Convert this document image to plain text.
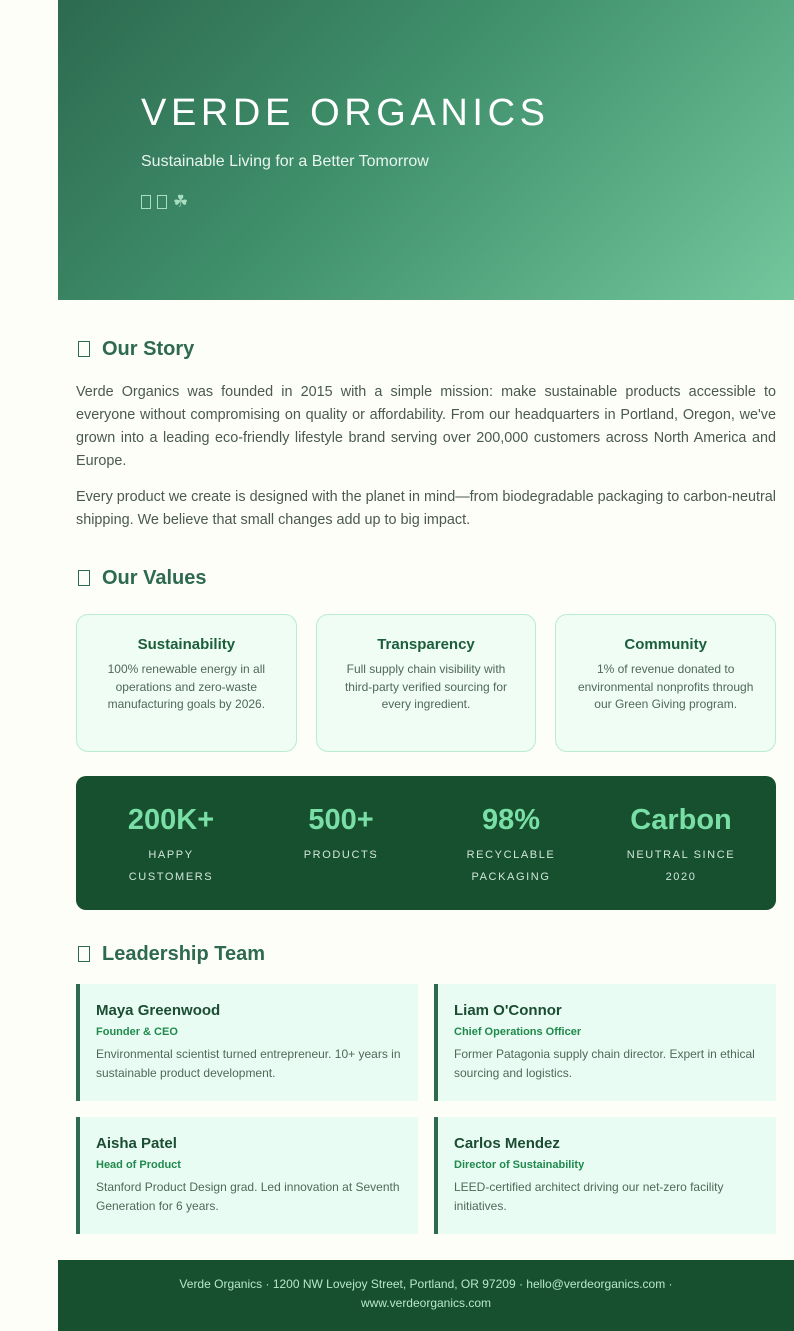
VERDE ORGANICS

Sustainable Living for a Better Tomorrow

☘
Our Story

Verde Organics was founded in 2015 with a simple mission: make sustainable products accessible to everyone without compromising on quality or affordability. From our headquarters in Portland, Oregon, we've grown into a leading eco-friendly lifestyle brand serving over 200,000 customers across North America and Europe.

Every product we create is designed with the planet in mind—from biodegradable packaging to carbon-neutral shipping. We believe that small changes add up to big impact.

Our Values
Sustainability

100% renewable energy in all operations and zero-waste manufacturing goals by 2026.

Transparency

Full supply chain visibility with third-party verified sourcing for every ingredient.

Community

1% of revenue donated to environmental nonprofits through our Green Giving program.

200K+
HAPPY CUSTOMERS
500+
PRODUCTS
98%
RECYCLABLE PACKAGING
Carbon
NEUTRAL SINCE 2020
Leadership Team
Maya Greenwood
Founder & CEO

Environmental scientist turned entrepreneur. 10+ years in sustainable product development.

Liam O'Connor
Chief Operations Officer

Former Patagonia supply chain director. Expert in ethical sourcing and logistics.

Aisha Patel
Head of Product

Stanford Product Design grad. Led innovation at Seventh Generation for 6 years.

Carlos Mendez
Director of Sustainability

LEED-certified architect driving our net-zero facility initiatives.

Verde Organics · 1200 NW Lovejoy Street, Portland, OR 97209 · hello@verdeorganics.com ·
www.verdeorganics.com
